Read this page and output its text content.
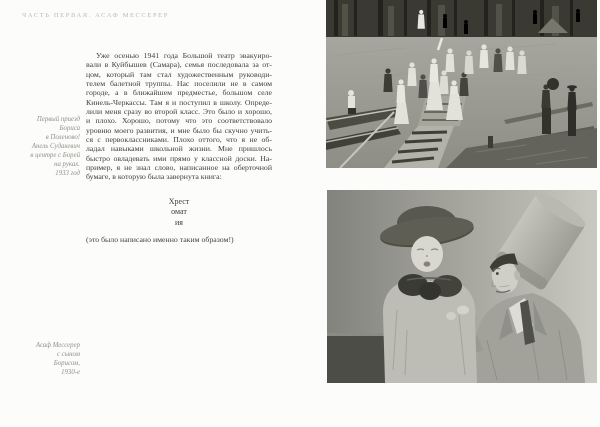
ЧАСТЬ ПЕРВАЯ. АСАФ МЕССЕРЕР
Первый приезд
Бориса
в Поленово!
Анель Судакевич
в центре с Борей
на руках.
1933 год
Уже осенью 1941 года Большой театр эвакуиро-
вали в Куйбышев (Самара), семья последовала за от-
цом, который там стал художественным руководи-
телем балетной труппы. Нас поселили не в самом
городе, а в ближайшем предместье, большом селе
Кинель-Черкассы. Там я и поступил в школу. Опреде-
лили меня сразу во второй класс. Это было и хорошо,
и плохо. Хорошо, потому что это соответствовало
уровню моего развития, и мне было бы скучно учить-
ся с первоклассниками. Плохо оттого, что я не об-
ладал навыками школьной жизни. Мне пришлось
быстро овладевать ими прямо у классной доски. На-
пример, я не знал слово, написанное на оберточной
бумаге, в которую была завернута книга:
Хрест
омат
ия
(это было написано именно таким образом!)
Асаф Мессерер
с сыном
Борисом,
1930-е
